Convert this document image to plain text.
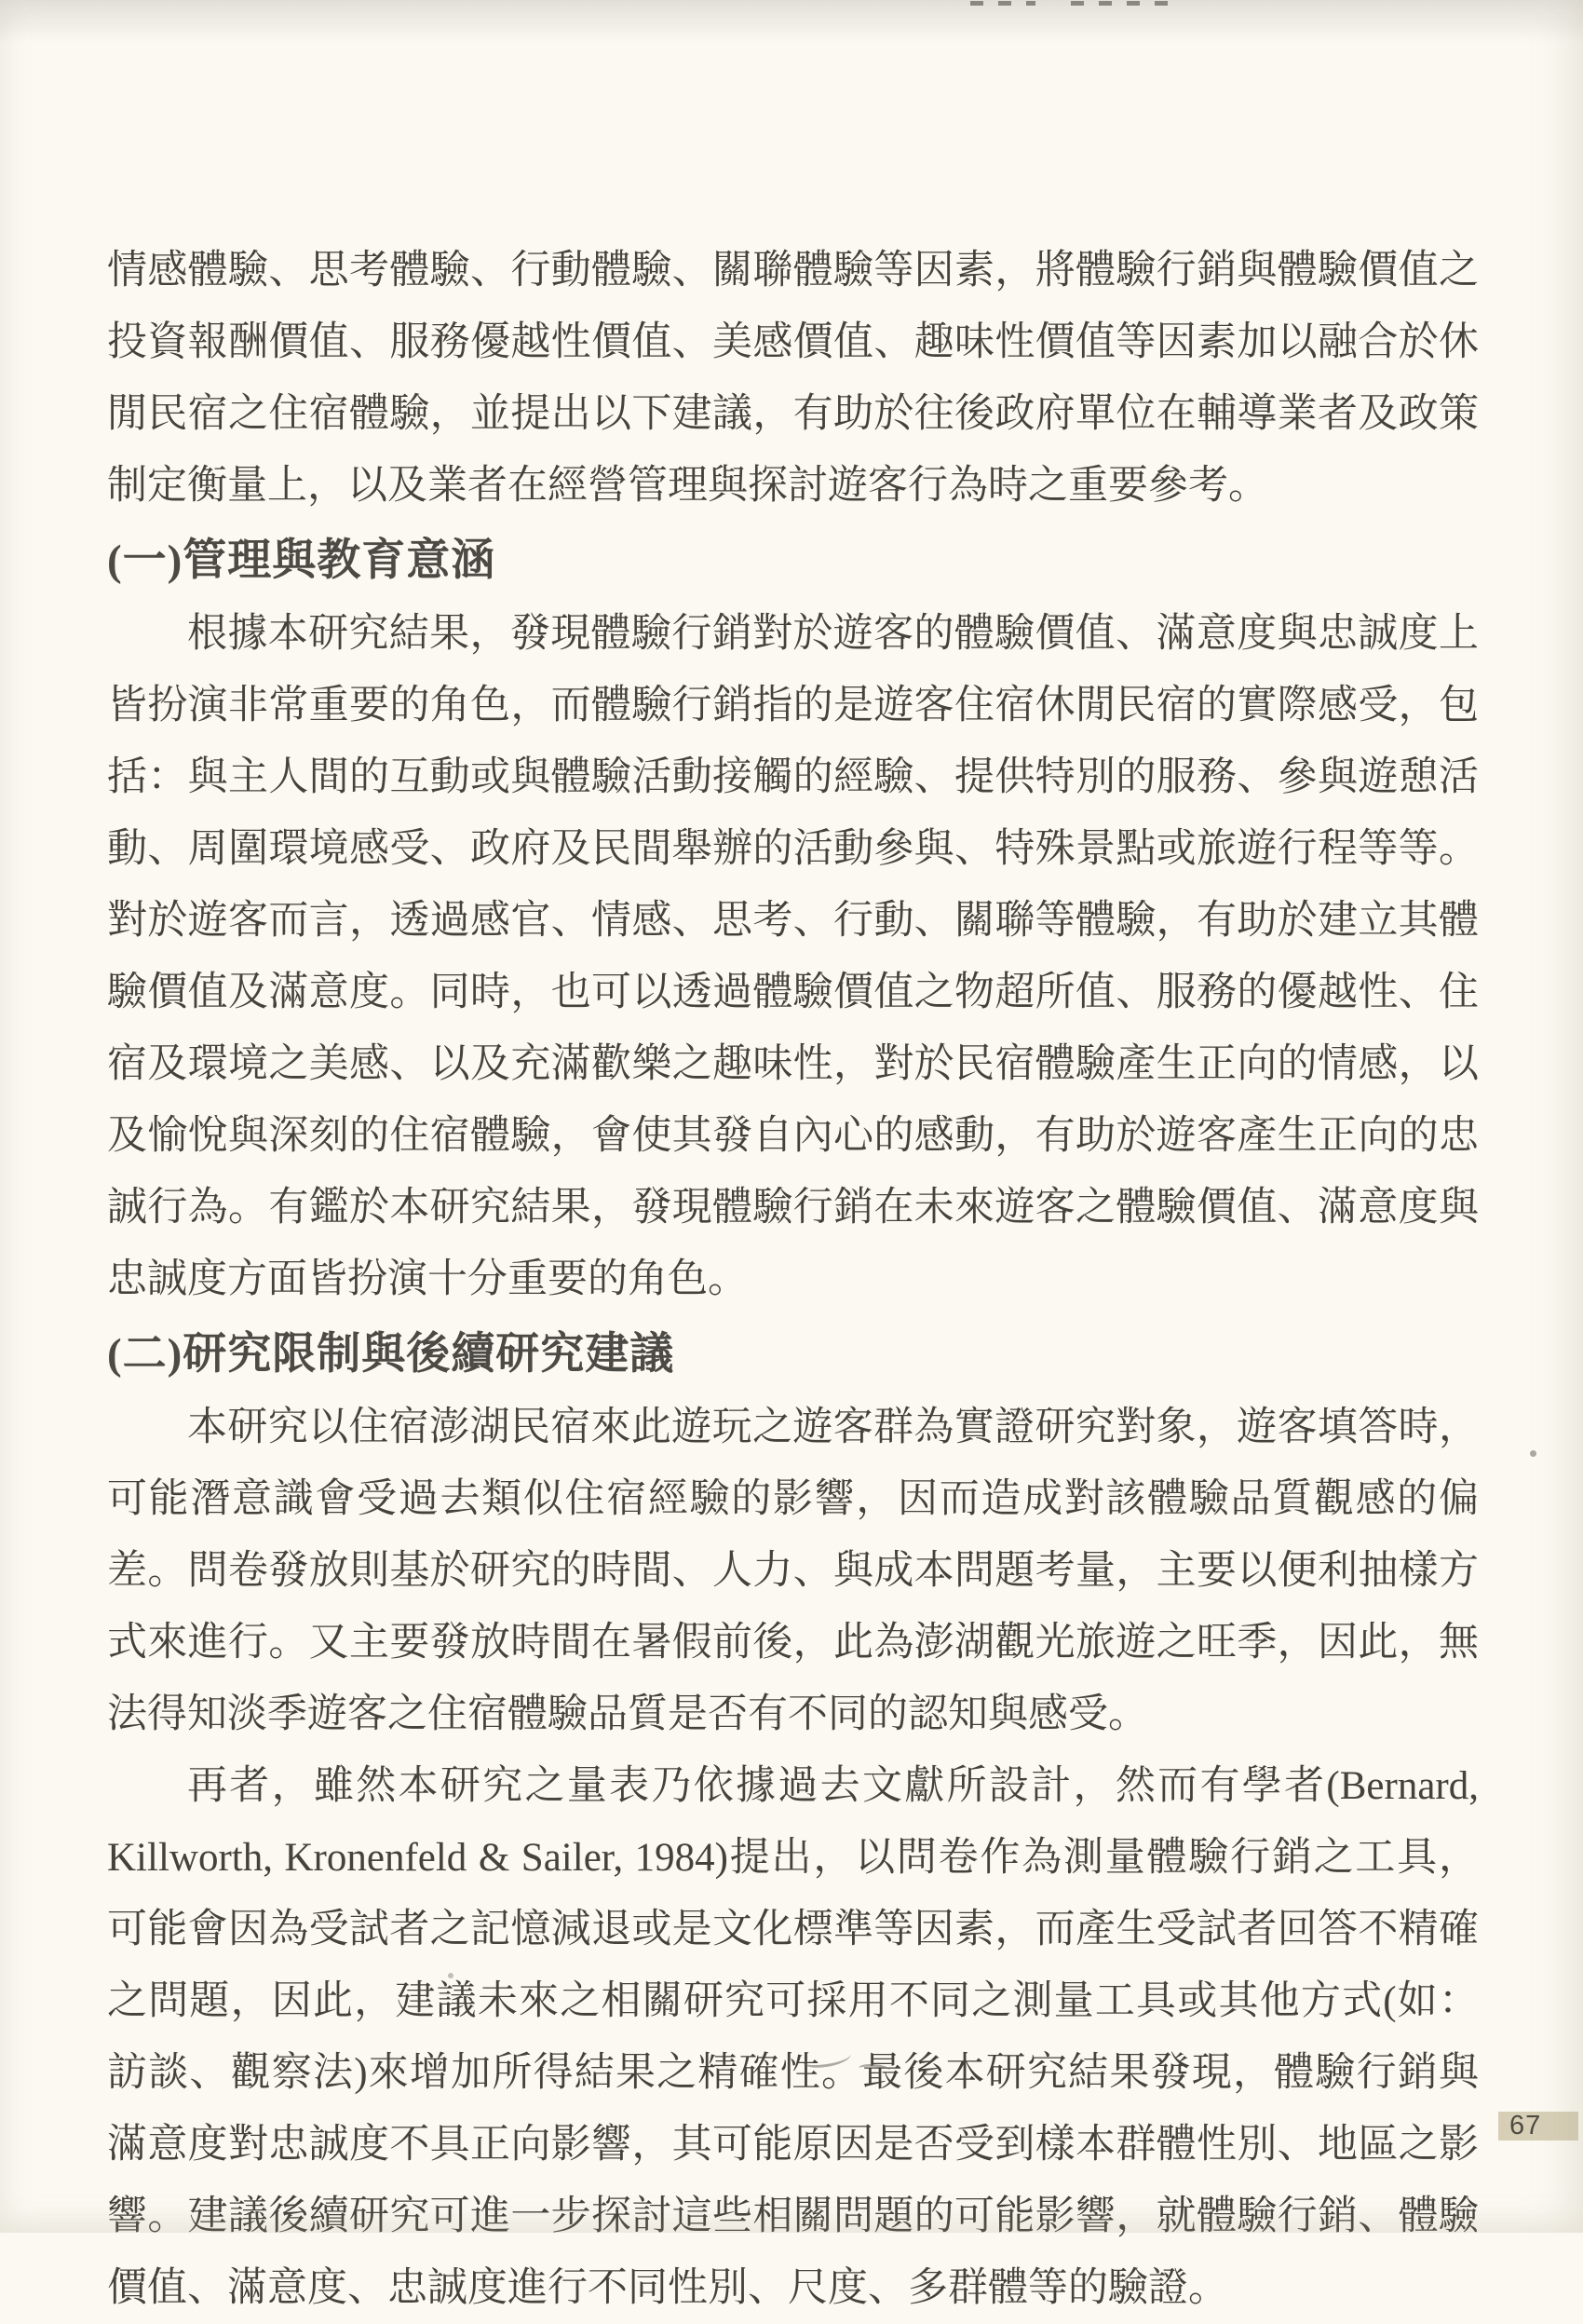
情感體驗、思考體驗、行動體驗、關聯體驗等因素，將體驗行銷與體驗價值之投資報酬價值、服務優越性價值、美感價值、趣味性價值等因素加以融合於休閒民宿之住宿體驗，並提出以下建議，有助於往後政府單位在輔導業者及政策制定衡量上，以及業者在經營管理與探討遊客行為時之重要參考。

(一)管理與教育意涵

根據本研究結果，發現體驗行銷對於遊客的體驗價值、滿意度與忠誠度上皆扮演非常重要的角色，而體驗行銷指的是遊客住宿休閒民宿的實際感受，包括：與主人間的互動或與體驗活動接觸的經驗、提供特別的服務、參與遊憩活動、周圍環境感受、政府及民間舉辦的活動參與、特殊景點或旅遊行程等等。對於遊客而言，透過感官、情感、思考、行動、關聯等體驗，有助於建立其體驗價值及滿意度。同時，也可以透過體驗價值之物超所值、服務的優越性、住宿及環境之美感、以及充滿歡樂之趣味性，對於民宿體驗產生正向的情感，以及愉悅與深刻的住宿體驗，會使其發自內心的感動，有助於遊客產生正向的忠誠行為。有鑑於本研究結果，發現體驗行銷在未來遊客之體驗價值、滿意度與忠誠度方面皆扮演十分重要的角色。

(二)研究限制與後續研究建議

本研究以住宿澎湖民宿來此遊玩之遊客群為實證研究對象，遊客填答時，可能潛意識會受過去類似住宿經驗的影響，因而造成對該體驗品質觀感的偏差。問卷發放則基於研究的時間、人力、與成本問題考量，主要以便利抽樣方式來進行。又主要發放時間在暑假前後，此為澎湖觀光旅遊之旺季，因此，無法得知淡季遊客之住宿體驗品質是否有不同的認知與感受。

再者，雖然本研究之量表乃依據過去文獻所設計，然而有學者(Bernard, Killworth, Kronenfeld & Sailer, 1984)提出，以問卷作為測量體驗行銷之工具，可能會因為受試者之記憶減退或是文化標準等因素，而產生受試者回答不精確之問題，因此，建議未來之相關研究可採用不同之測量工具或其他方式(如：訪談、觀察法)來增加所得結果之精確性。最後本研究結果發現，體驗行銷與滿意度對忠誠度不具正向影響，其可能原因是否受到樣本群體性別、地區之影響。建議後續研究可進一步探討這些相關問題的可能影響，就體驗行銷、體驗價值、滿意度、忠誠度進行不同性別、尺度、多群體等的驗證。

67
